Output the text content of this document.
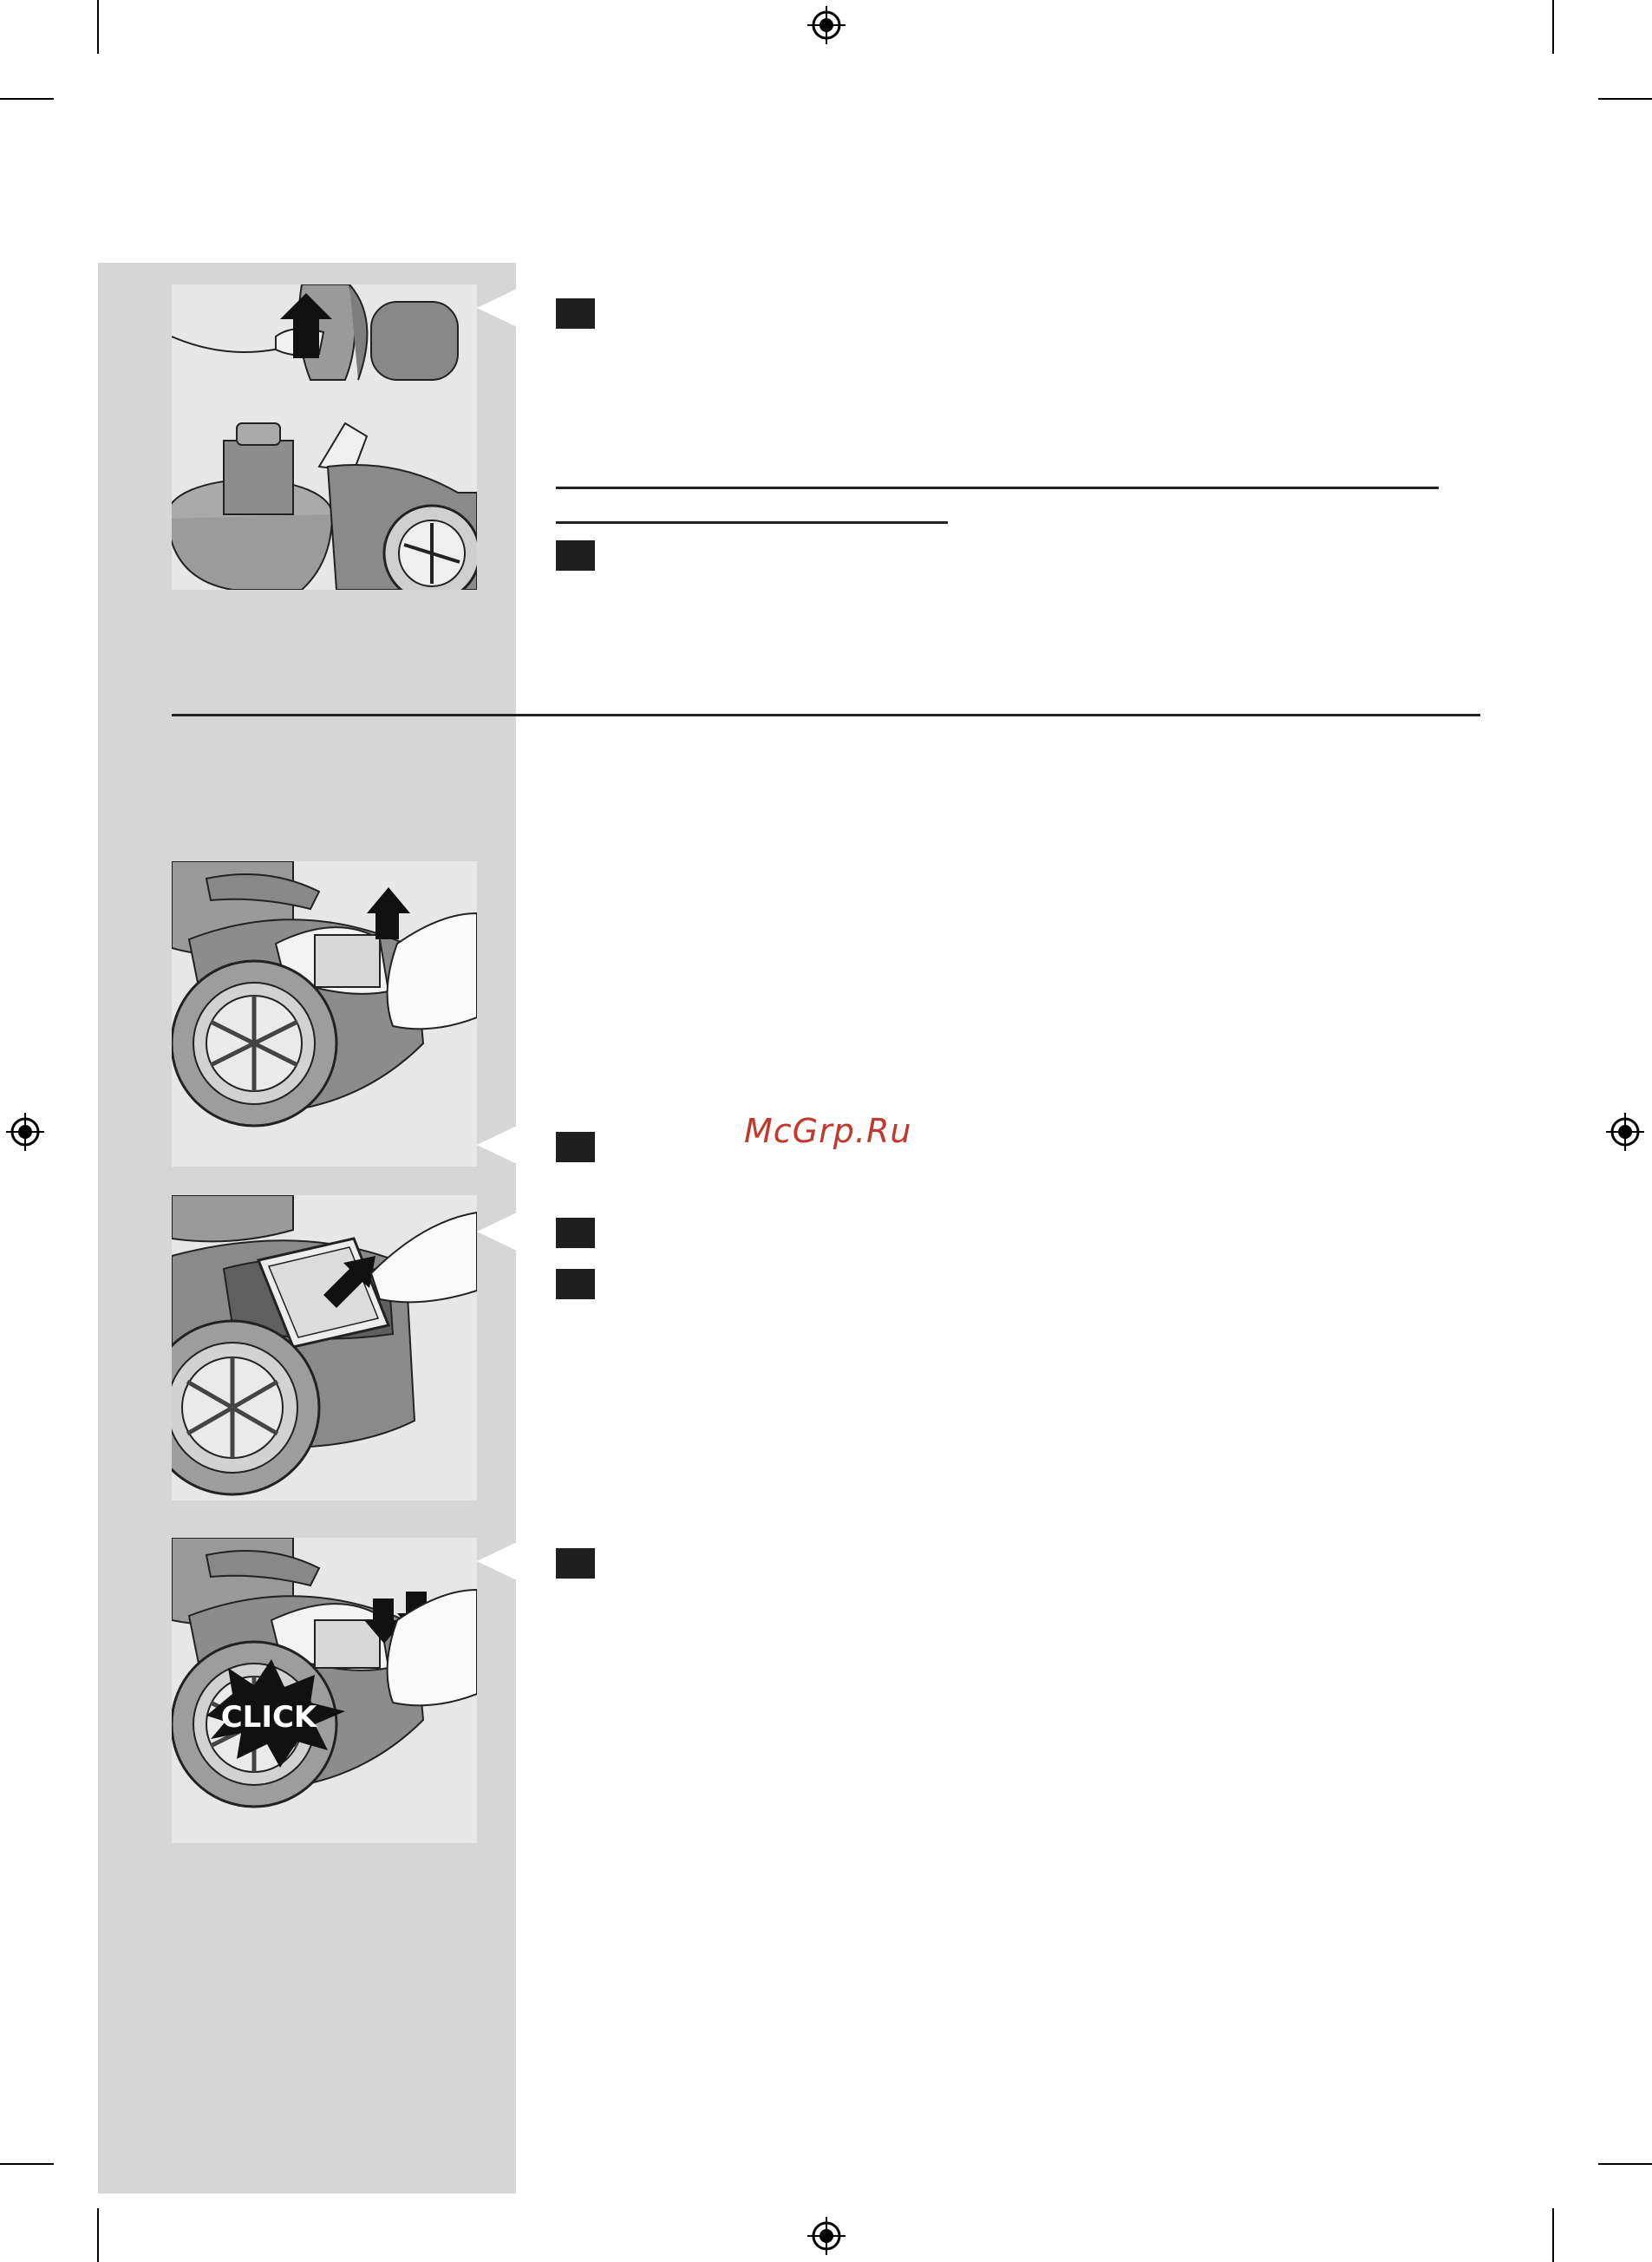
CLICK
McGrp.Ru
